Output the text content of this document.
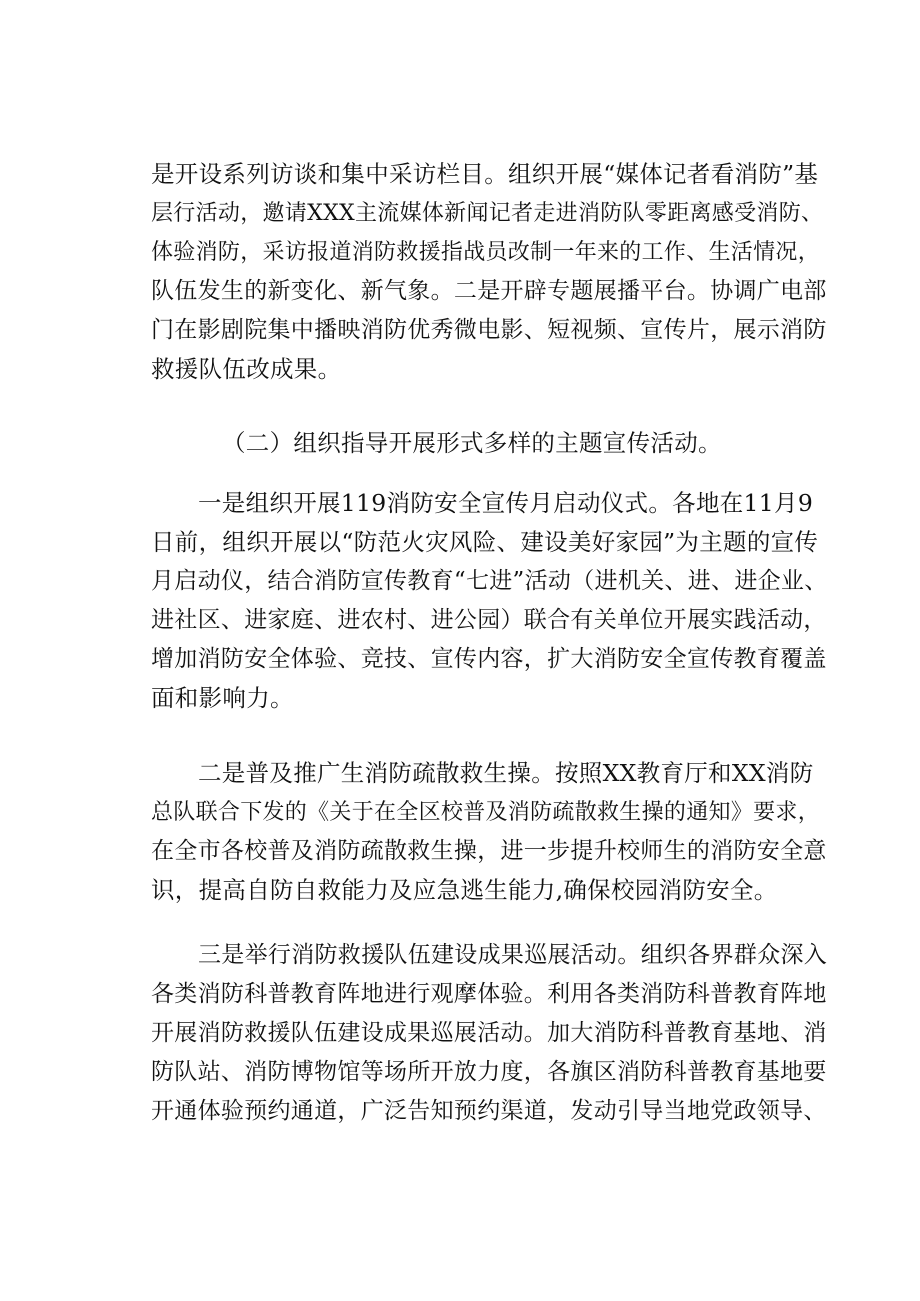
是开设系列访谈和集中采访栏目。组织开展“媒体记者看消防”基
层行活动，邀请XXX主流媒体新闻记者走进消防队零距离感受消防、
体验消防，采访报道消防救援指战员改制一年来的工作、生活情况，
队伍发生的新变化、新气象。二是开辟专题展播平台。协调广电部
门在影剧院集中播映消防优秀微电影、短视频、宣传片，展示消防
救援队伍改成果。
（二）组织指导开展形式多样的主题宣传活动。
一是组织开展119消防安全宣传月启动仪式。各地在11月9
日前，组织开展以“防范火灾风险、建设美好家园”为主题的宣传
月启动仪，结合消防宣传教育“七进”活动（进机关、进、进企业、
进社区、进家庭、进农村、进公园）联合有关单位开展实践活动，
增加消防安全体验、竞技、宣传内容，扩大消防安全宣传教育覆盖
面和影响力。
二是普及推广生消防疏散救生操。按照XX教育厅和XX消防
总队联合下发的《关于在全区校普及消防疏散救生操的通知》要求，
在全市各校普及消防疏散救生操，进一步提升校师生的消防安全意
识，提高自防自救能力及应急逃生能力,确保校园消防安全。
三是举行消防救援队伍建设成果巡展活动。组织各界群众深入
各类消防科普教育阵地进行观摩体验。利用各类消防科普教育阵地
开展消防救援队伍建设成果巡展活动。加大消防科普教育基地、消
防队站、消防博物馆等场所开放力度，各旗区消防科普教育基地要
开通体验预约通道，广泛告知预约渠道，发动引导当地党政领导、
